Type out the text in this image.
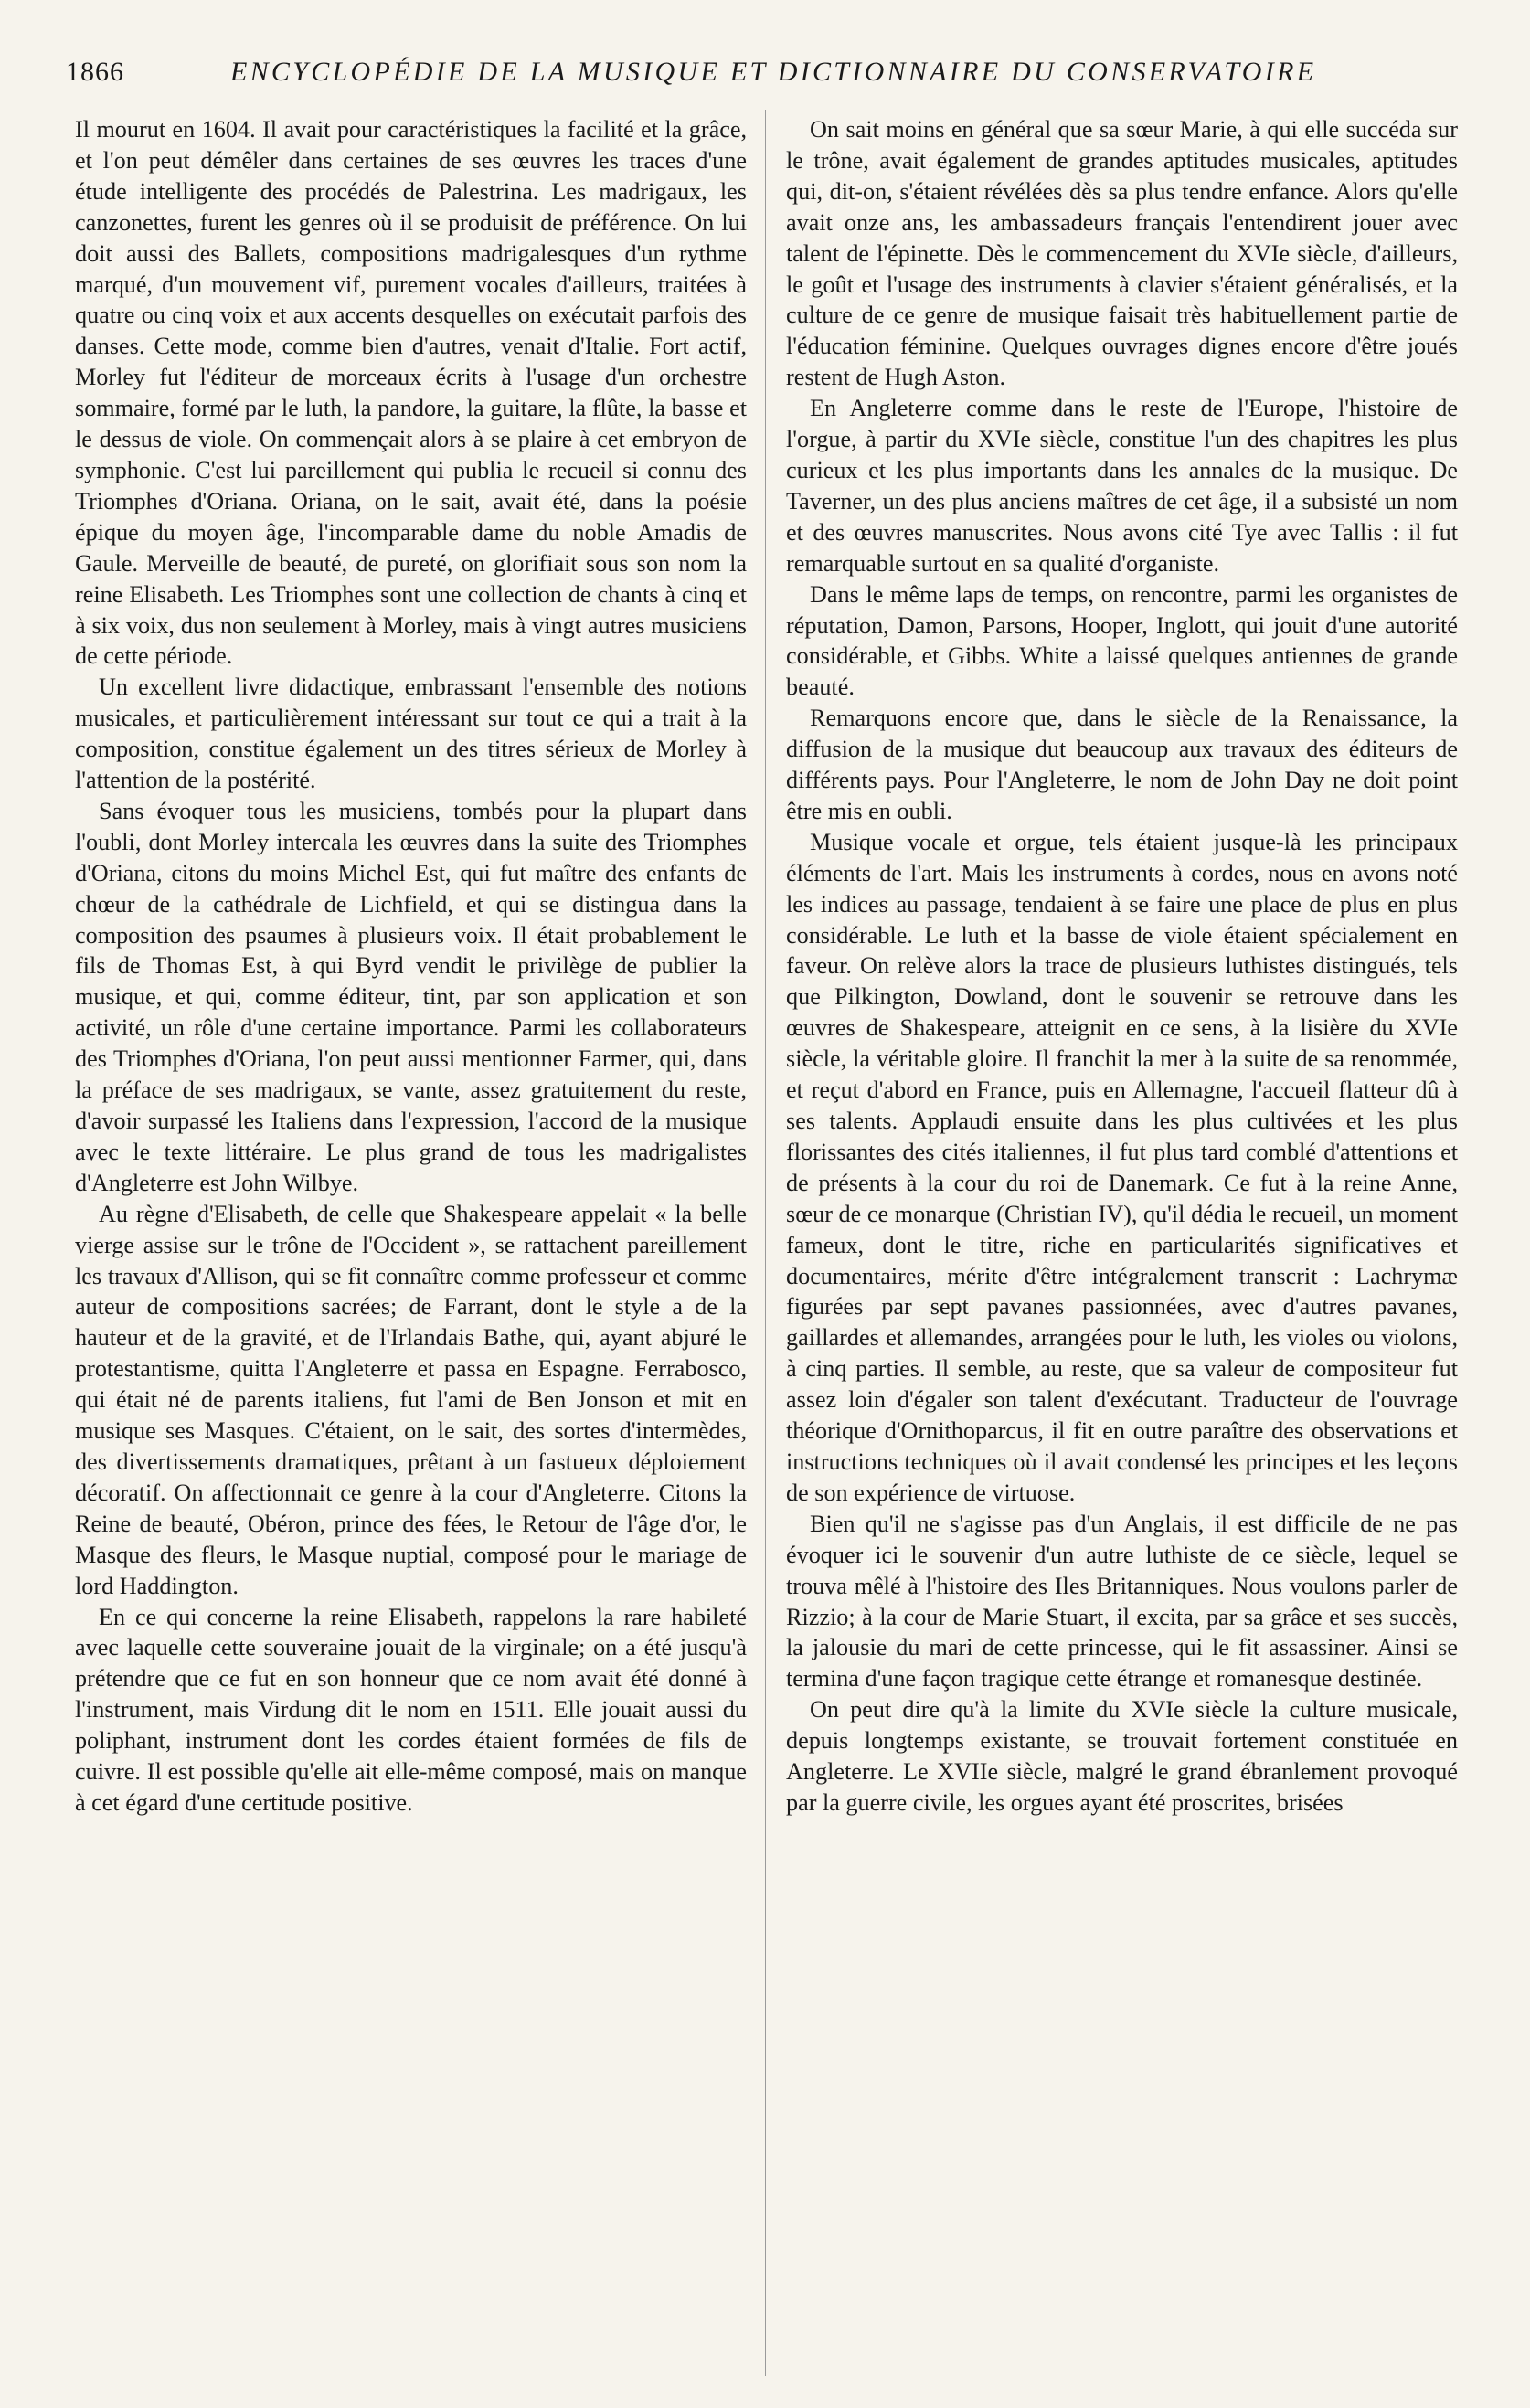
1866	ENCYCLOPÉDIE DE LA MUSIQUE ET DICTIONNAIRE DU CONSERVATOIRE

Il mourut en 1604. Il avait pour caractéristiques la facilité et la grâce, et l'on peut démêler dans certaines de ses œuvres les traces d'une étude intelligente des procédés de Palestrina. Les madrigaux, les canzonettes, furent les genres où il se produisit de préférence. On lui doit aussi des Ballets, compositions madrigalesques d'un rythme marqué, d'un mouvement vif, purement vocales d'ailleurs, traitées à quatre ou cinq voix et aux accents desquelles on exécutait parfois des danses. Cette mode, comme bien d'autres, venait d'Italie. Fort actif, Morley fut l'éditeur de morceaux écrits à l'usage d'un orchestre sommaire, formé par le luth, la pandore, la guitare, la flûte, la basse et le dessus de viole. On commençait alors à se plaire à cet embryon de symphonie. C'est lui pareillement qui publia le recueil si connu des Triomphes d'Oriana. Oriana, on le sait, avait été, dans la poésie épique du moyen âge, l'incomparable dame du noble Amadis de Gaule. Merveille de beauté, de pureté, on glorifiait sous son nom la reine Elisabeth. Les Triomphes sont une collection de chants à cinq et à six voix, dus non seulement à Morley, mais à vingt autres musiciens de cette période.

Un excellent livre didactique, embrassant l'ensemble des notions musicales, et particulièrement intéressant sur tout ce qui a trait à la composition, constitue également un des titres sérieux de Morley à l'attention de la postérité.

Sans évoquer tous les musiciens, tombés pour la plupart dans l'oubli, dont Morley intercala les œuvres dans la suite des Triomphes d'Oriana, citons du moins Michel Est, qui fut maître des enfants de chœur de la cathédrale de Lichfield, et qui se distingua dans la composition des psaumes à plusieurs voix. Il était probablement le fils de Thomas Est, à qui Byrd vendit le privilège de publier la musique, et qui, comme éditeur, tint, par son application et son activité, un rôle d'une certaine importance. Parmi les collaborateurs des Triomphes d'Oriana, l'on peut aussi mentionner Farmer, qui, dans la préface de ses madrigaux, se vante, assez gratuitement du reste, d'avoir surpassé les Italiens dans l'expression, l'accord de la musique avec le texte littéraire. Le plus grand de tous les madrigalistes d'Angleterre est John Wilbye.

Au règne d'Elisabeth, de celle que Shakespeare appelait « la belle vierge assise sur le trône de l'Occident », se rattachent pareillement les travaux d'Allison, qui se fit connaître comme professeur et comme auteur de compositions sacrées; de Farrant, dont le style a de la hauteur et de la gravité, et de l'Irlandais Bathe, qui, ayant abjuré le protestantisme, quitta l'Angleterre et passa en Espagne. Ferrabosco, qui était né de parents italiens, fut l'ami de Ben Jonson et mit en musique ses Masques. C'étaient, on le sait, des sortes d'intermèdes, des divertissements dramatiques, prêtant à un fastueux déploiement décoratif. On affectionnait ce genre à la cour d'Angleterre. Citons la Reine de beauté, Obéron, prince des fées, le Retour de l'âge d'or, le Masque des fleurs, le Masque nuptial, composé pour le mariage de lord Haddington.

En ce qui concerne la reine Elisabeth, rappelons la rare habileté avec laquelle cette souveraine jouait de la virginale; on a été jusqu'à prétendre que ce fut en son honneur que ce nom avait été donné à l'instrument, mais Virdung dit le nom en 1511. Elle jouait aussi du poliphant, instrument dont les cordes étaient formées de fils de cuivre. Il est possible qu'elle ait elle-même composé, mais on manque à cet égard d'une certitude positive.

On sait moins en général que sa sœur Marie, à qui elle succéda sur le trône, avait également de grandes aptitudes musicales, aptitudes qui, dit-on, s'étaient révélées dès sa plus tendre enfance. Alors qu'elle avait onze ans, les ambassadeurs français l'entendirent jouer avec talent de l'épinette. Dès le commencement du XVIe siècle, d'ailleurs, le goût et l'usage des instruments à clavier s'étaient généralisés, et la culture de ce genre de musique faisait très habituellement partie de l'éducation féminine. Quelques ouvrages dignes encore d'être joués restent de Hugh Aston.

En Angleterre comme dans le reste de l'Europe, l'histoire de l'orgue, à partir du XVIe siècle, constitue l'un des chapitres les plus curieux et les plus importants dans les annales de la musique. De Taverner, un des plus anciens maîtres de cet âge, il a subsisté un nom et des œuvres manuscrites. Nous avons cité Tye avec Tallis : il fut remarquable surtout en sa qualité d'organiste.

Dans le même laps de temps, on rencontre, parmi les organistes de réputation, Damon, Parsons, Hooper, Inglott, qui jouit d'une autorité considérable, et Gibbs. White a laissé quelques antiennes de grande beauté.

Remarquons encore que, dans le siècle de la Renaissance, la diffusion de la musique dut beaucoup aux travaux des éditeurs de différents pays. Pour l'Angleterre, le nom de John Day ne doit point être mis en oubli.

Musique vocale et orgue, tels étaient jusque-là les principaux éléments de l'art. Mais les instruments à cordes, nous en avons noté les indices au passage, tendaient à se faire une place de plus en plus considérable. Le luth et la basse de viole étaient spécialement en faveur. On relève alors la trace de plusieurs luthistes distingués, tels que Pilkington, Dowland, dont le souvenir se retrouve dans les œuvres de Shakespeare, atteignit en ce sens, à la lisière du XVIe siècle, la véritable gloire. Il franchit la mer à la suite de sa renommée, et reçut d'abord en France, puis en Allemagne, l'accueil flatteur dû à ses talents. Applaudi ensuite dans les plus cultivées et les plus florissantes des cités italiennes, il fut plus tard comblé d'attentions et de présents à la cour du roi de Danemark. Ce fut à la reine Anne, sœur de ce monarque (Christian IV), qu'il dédia le recueil, un moment fameux, dont le titre, riche en particularités significatives et documentaires, mérite d'être intégralement transcrit : Lachrymæ figurées par sept pavanes passionnées, avec d'autres pavanes, gaillardes et allemandes, arrangées pour le luth, les violes ou violons, à cinq parties. Il semble, au reste, que sa valeur de compositeur fut assez loin d'égaler son talent d'exécutant. Traducteur de l'ouvrage théorique d'Ornithoparcus, il fit en outre paraître des observations et instructions techniques où il avait condensé les principes et les leçons de son expérience de virtuose.

Bien qu'il ne s'agisse pas d'un Anglais, il est difficile de ne pas évoquer ici le souvenir d'un autre luthiste de ce siècle, lequel se trouva mêlé à l'histoire des Iles Britanniques. Nous voulons parler de Rizzio; à la cour de Marie Stuart, il excita, par sa grâce et ses succès, la jalousie du mari de cette princesse, qui le fit assassiner. Ainsi se termina d'une façon tragique cette étrange et romanesque destinée.

On peut dire qu'à la limite du XVIe siècle la culture musicale, depuis longtemps existante, se trouvait fortement constituée en Angleterre. Le XVIIe siècle, malgré le grand ébranlement provoqué par la guerre civile, les orgues ayant été proscrites, brisées
